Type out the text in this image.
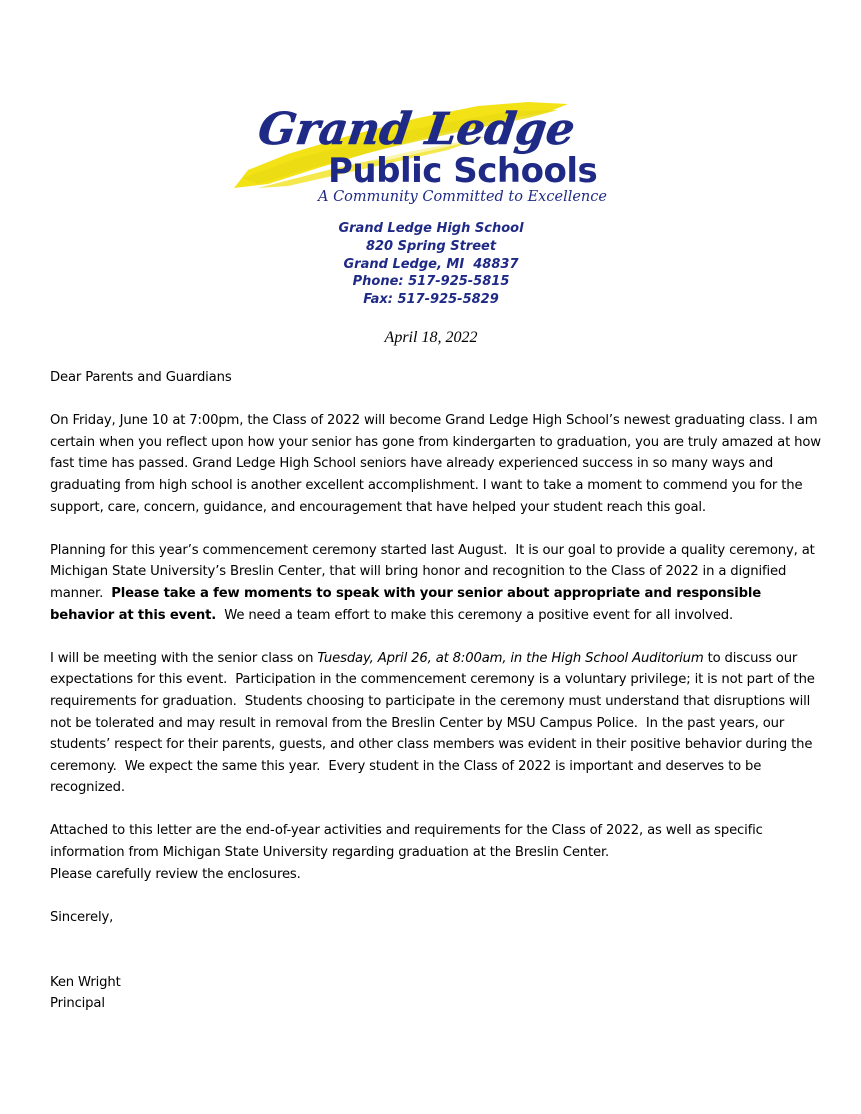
Grand Ledge
Public Schools
A Community Committed to Excellence
Grand Ledge High School
820 Spring Street
Grand Ledge, MI  48837
Phone: 517-925-5815
Fax: 517-925-5829
April 18, 2022

Dear Parents and Guardians

On Friday, June 10 at 7:00pm, the Class of 2022 will become Grand Ledge High School’s newest graduating class. I am certain when you reflect upon how your senior has gone from kindergarten to graduation, you are truly amazed at how fast time has passed. Grand Ledge High School seniors have already experienced success in so many ways and graduating from high school is another excellent accomplishment. I want to take a moment to commend you for the support, care, concern, guidance, and encouragement that have helped your student reach this goal.

Planning for this year’s commencement ceremony started last August.  It is our goal to provide a quality ceremony, at Michigan State University’s Breslin Center, that will bring honor and recognition to the Class of 2022 in a dignified manner.  Please take a few moments to speak with your senior about appropriate and responsible behavior at this event.  We need a team effort to make this ceremony a positive event for all involved.

I will be meeting with the senior class on Tuesday, April 26, at 8:00am, in the High School Auditorium to discuss our expectations for this event.  Participation in the commencement ceremony is a voluntary privilege; it is not part of the requirements for graduation.  Students choosing to participate in the ceremony must understand that disruptions will not be tolerated and may result in removal from the Breslin Center by MSU Campus Police.  In the past years, our students’ respect for their parents, guests, and other class members was evident in their positive behavior during the ceremony.  We expect the same this year.  Every student in the Class of 2022 is important and deserves to be recognized.

Attached to this letter are the end-of-year activities and requirements for the Class of 2022, as well as specific information from Michigan State University regarding graduation at the Breslin Center.
Please carefully review the enclosures.

Sincerely,

Ken Wright
Principal
